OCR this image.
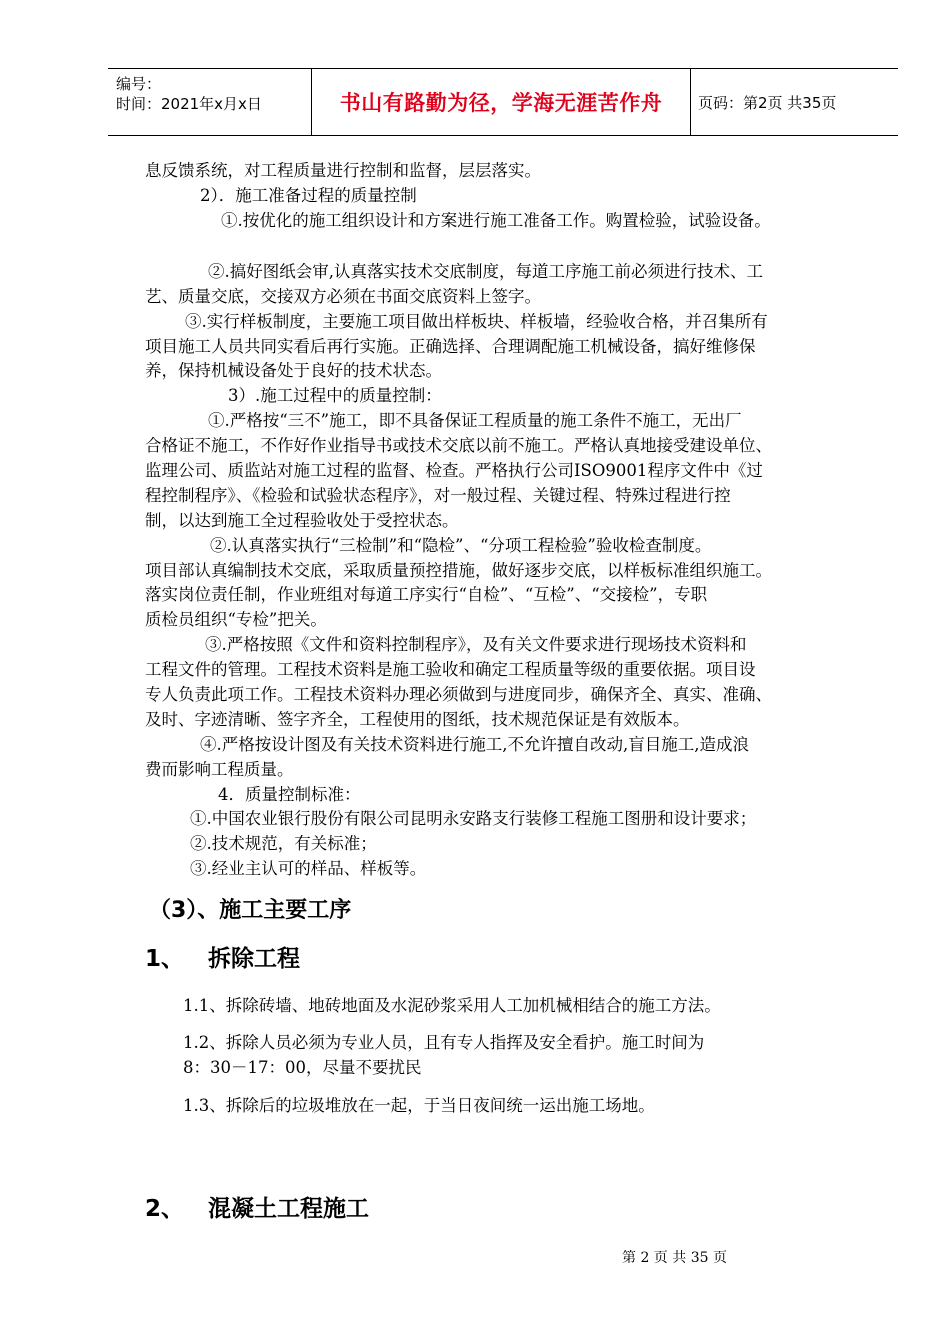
编号：
时间：2021年x月x日	书山有路勤为径，学海无涯苦作舟 页码：第2页 共35页
息反馈系统，对工程质量进行控制和监督，层层落实。
2）．施工准备过程的质量控制
①.按优化的施工组织设计和方案进行施工准备工作。购置检验，试验设备。
②.搞好图纸会审,认真落实技术交底制度，每道工序施工前必须进行技术、工
艺、质量交底，交接双方必须在书面交底资料上签字。
③.实行样板制度，主要施工项目做出样板块、样板墙，经验收合格，并召集所有
项目施工人员共同实看后再行实施。正确选择、合理调配施工机械设备，搞好维修保
养，保持机械设备处于良好的技术状态。
3）.施工过程中的质量控制：
①.严格按“三不”施工，即不具备保证工程质量的施工条件不施工，无出厂
合格证不施工，不作好作业指导书或技术交底以前不施工。严格认真地接受建设单位、
监理公司、质监站对施工过程的监督、检查。严格执行公司ISO9001程序文件中《过
程控制程序》、《检验和试验状态程序》，对一般过程、关键过程、特殊过程进行控
制，以达到施工全过程验收处于受控状态。
②.认真落实执行“三检制”和“隐检”、“分项工程检验”验收检查制度。
项目部认真编制技术交底，采取质量预控措施，做好逐步交底，以样板标准组织施工。
落实岗位责任制，作业班组对每道工序实行“自检”、“互检”、“交接检”，专职
质检员组织“专检”把关。
③.严格按照《文件和资料控制程序》，及有关文件要求进行现场技术资料和
工程文件的管理。工程技术资料是施工验收和确定工程质量等级的重要依据。项目设
专人负责此项工作。工程技术资料办理必须做到与进度同步，确保齐全、真实、准确、
及时、字迹清晰、签字齐全，工程使用的图纸，技术规范保证是有效版本。
④.严格按设计图及有关技术资料进行施工,不允许擅自改动,盲目施工,造成浪
费而影响工程质量。
4．质量控制标准：
①.中国农业银行股份有限公司昆明永安路支行装修工程施工图册和设计要求；
②.技术规范，有关标准；
③.经业主认可的样品、样板等。
（3）、施工主要工序
1、 拆除工程
1.1、拆除砖墙、地砖地面及水泥砂浆采用人工加机械相结合的施工方法。
1.2、拆除人员必须为专业人员，且有专人指挥及安全看护。施工时间为
8：30－17：00，尽量不要扰民
1.3、拆除后的垃圾堆放在一起，于当日夜间统一运出施工场地。
2、 混凝土工程施工
第 2 页 共 35 页
